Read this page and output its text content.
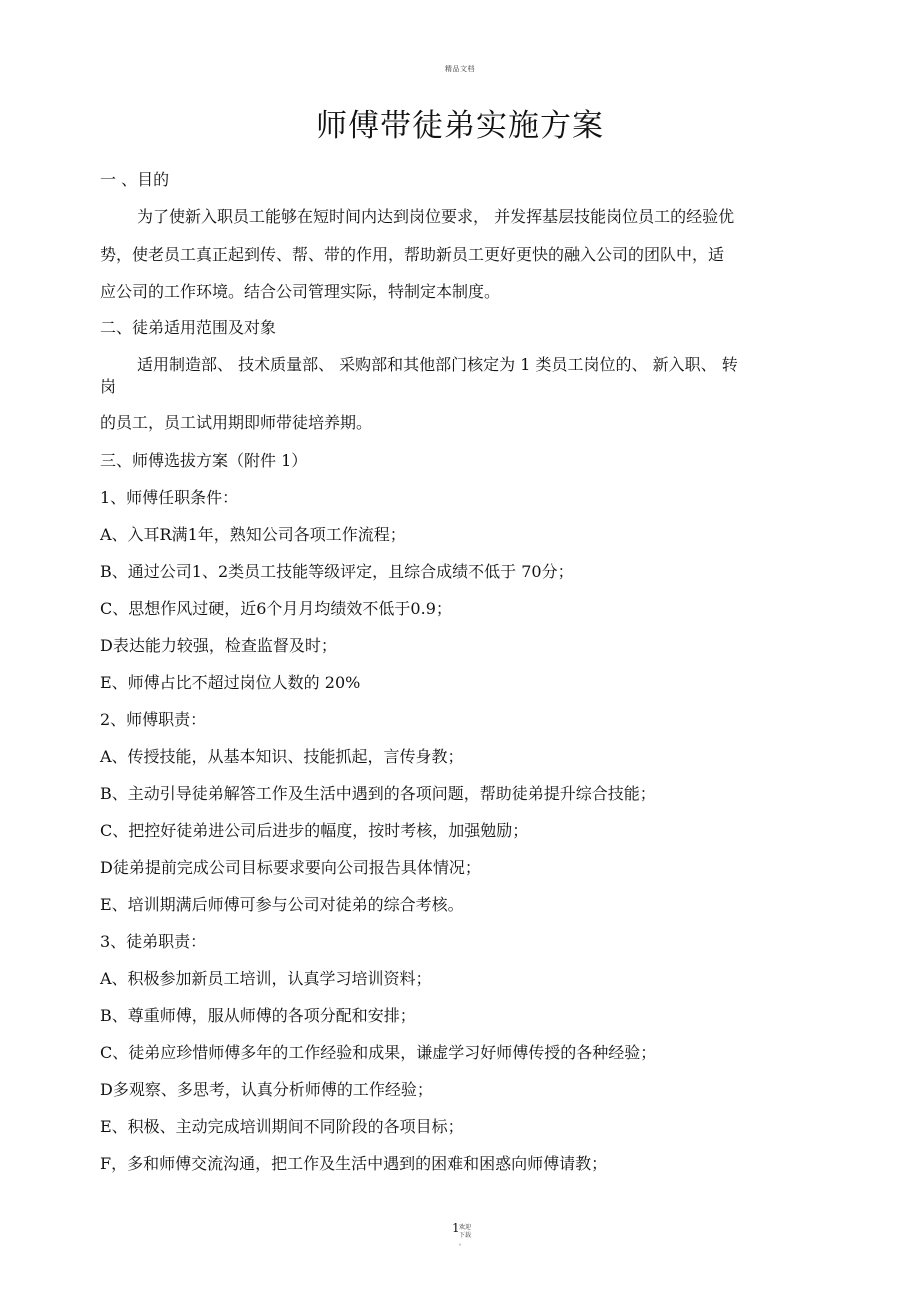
精品文档
师傅带徒弟实施方案

一 、目的

为了使新入职员工能够在短时间内达到岗位要求， 并发挥基层技能岗位员工的经验优

势，使老员工真正起到传、帮、带的作用，帮助新员工更好更快的融入公司的团队中，适

应公司的工作环境。结合公司管理实际，特制定本制度。

二、徒弟适用范围及对象

适用制造部、 技术质量部、 采购部和其他部门核定为 1 类员工岗位的、 新入职、 转

岗

的员工，员工试用期即师带徒培养期。

三、师傅选拔方案（附件 1）

1、师傅任职条件：

A、入耳R满1年，熟知公司各项工作流程；

B、通过公司1、2类员工技能等级评定，且综合成绩不低于 70分；

C、思想作风过硬，近6个月月均绩效不低于0.9；

D表达能力较强，检查监督及时；

E、师傅占比不超过岗位人数的 20%

2、师傅职责：

A、传授技能，从基本知识、技能抓起，言传身教；

B、主动引导徒弟解答工作及生活中遇到的各项问题，帮助徒弟提升综合技能；

C、把控好徒弟进公司后进步的幅度，按时考核，加强勉励；

D徒弟提前完成公司目标要求要向公司报告具体情况；

E、培训期满后师傅可参与公司对徒弟的综合考核。

3、徒弟职责：

A、积极参加新员工培训，认真学习培训资料；

B、尊重师傅，服从师傅的各项分配和安排；

C、徒弟应珍惜师傅多年的工作经验和成果，谦虚学习好师傅传授的各种经验；

D多观察、多思考，认真分析师傅的工作经验；

E、积极、主动完成培训期间不同阶段的各项目标；

F，多和师傅交流沟通，把工作及生活中遇到的困难和困惑向师傅请教；

1 欢迎下载 。
